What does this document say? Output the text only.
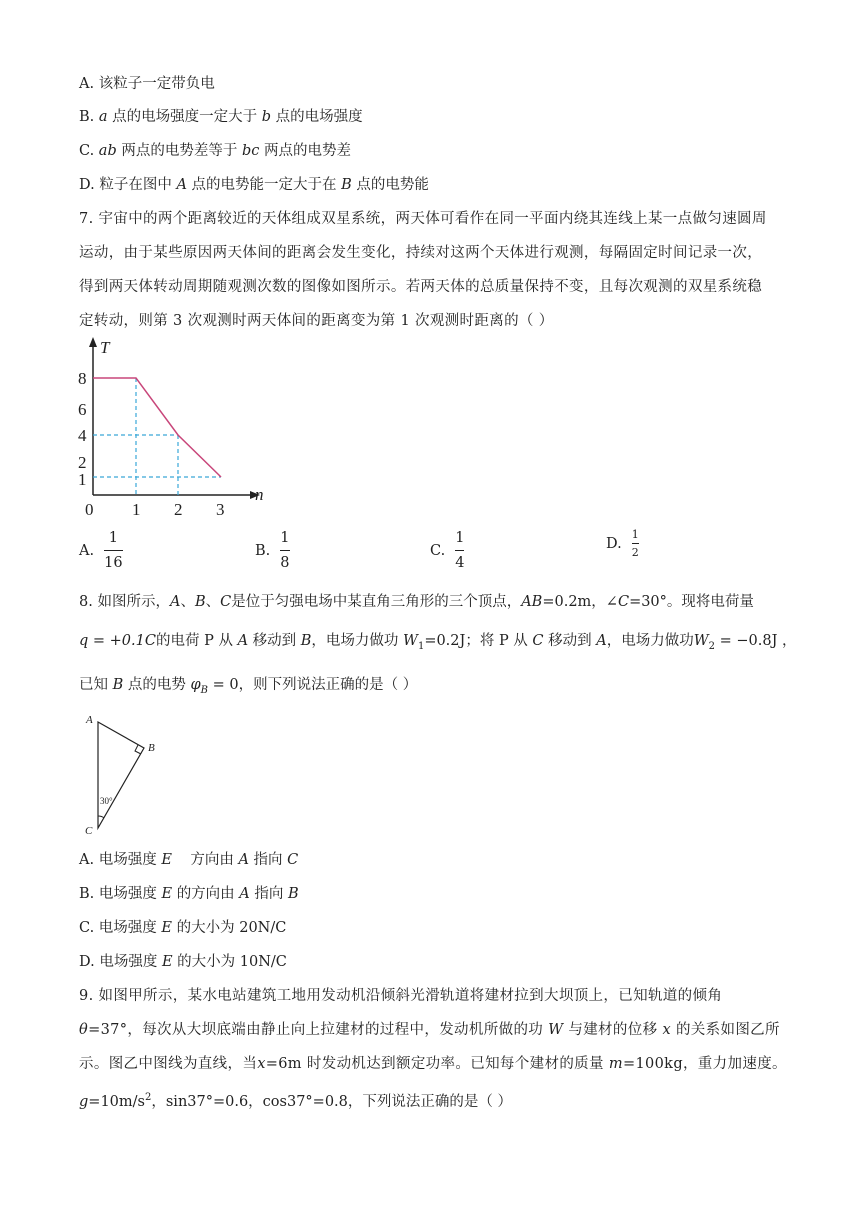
A. 该粒子一定带负电
B. a 点的电场强度一定大于 b 点的电场强度
C. ab 两点的电势差等于 bc 两点的电势差
D. 粒子在图中 A 点的电势能一定大于在 B 点的电势能
7. 宇宙中的两个距离较近的天体组成双星系统，两天体可看作在同一平面内绕其连线上某一点做匀速圆周
运动，由于某些原因两天体间的距离会发生变化，持续对这两个天体进行观测，每隔固定时间记录一次，
得到两天体转动周期随观测次数的图像如图所示。若两天体的总质量保持不变，且每次观测的双星系统稳
定转动，则第 3 次观测时两天体间的距离变为第 1 次观测时距离的（ ）
T
n
8
6
4
2
1
0 1 2 3
A. $\frac{1}{16}$	B. $\frac{1}{8}$	C. $\frac{1}{4}$	D. $\frac{1}{2}$
8. 如图所示，A、B、C是位于匀强电场中某直角三角形的三个顶点，AB=0.2m，∠C=30°。现将电荷量
q = +0.1C的电荷 P 从 A 移动到 B，电场力做功 $W_1=0.2J$；将 P 从 C 移动到 A，电场力做功$W_2 = -0.8J$ ，
已知 B 点的电势 $\varphi_B = 0$，则下列说法正确的是（ ）
A
B
C
30°
A. 电场强度 E    方向由 A 指向 C
B. 电场强度 E 的方向由 A 指向 B
C. 电场强度 E 的大小为 20N/C
D. 电场强度 E 的大小为 10N/C
9. 如图甲所示，某水电站建筑工地用发动机沿倾斜光滑轨道将建材拉到大坝顶上，已知轨道的倾角
θ=37°，每次从大坝底端由静止向上拉建材的过程中，发动机所做的功 W 与建材的位移 x 的关系如图乙所
示。图乙中图线为直线，当x=6m 时发动机达到额定功率。已知每个建材的质量 m=100kg，重力加速度。
$g=10m/s^2$，sin37°=0.6，cos37°=0.8，下列说法正确的是（ ）
